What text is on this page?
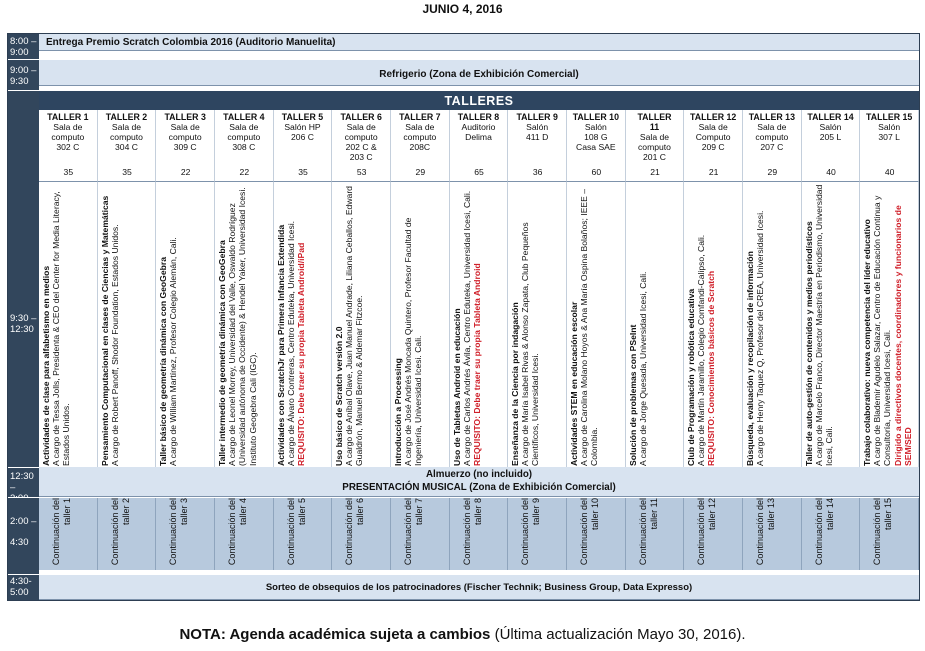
JUNIO 4, 2016
8:00 –
9:00
9:00 –
9:30
9:30 –
12:30
12:30 –

2:00 –
4:30
4:30-
5:00
Entrega Premio Scratch Colombia 2016 (Auditorio Manuelita)
Refrigerio (Zona de Exhibición Comercial)
TALLERES
TALLER 1
Sala de computo
302 C
35
Actividades de clase para alfabetismo en medios
A cargo de Tessa Jolls, Presidenta & CEO del Center for Media Literacy, Estados Unidos.
Continuación del taller 1
TALLER 2
Sala de computo
304 C
35
Pensamiento Computacional en clases de Ciencias y Matemáticas
A cargo de Robert Panoff, Shodor Foundation, Estados Unidos.
Continuación del taller 2
TALLER 3
Sala de computo
309 C
22
Taller básico de geometría dinámica con GeoGebra
A cargo de William Martínez, Profesor Colegio Alemán, Cali.
Continuación del taller 3
TALLER 4
Sala de computo
308 C
22
Taller intermedio de geometría dinámica con GeoGebra
A cargo de Leonel Morrey, Universidad del Valle, Oswaldo Rodríguez (Universidad autónoma de Occidente) & Hendel Yaker, Universidad Icesi. Instituto Geogebra Cali (IGC).
Continuación del taller 4
TALLER 5
Salón HP
206 C
35
Actividades con ScratchJr para Primera Infancia Extendida
A cargo de Álvaro Contreras, Centro Eduteka, Universidad Icesi.
REQUISITO: Debe traer su propia Tableta Android/iPad
Continuación del taller 5
TALLER 6
Sala de computo
202 C &
203 C
53
Uso básico de Scratch versión 2.0
A cargo de Aníbal Olave, Juan Manuel Andrade, Liliana Ceballos, Edward Gualdrón, Manuel Bermo & Aldemar Fitzcoe.
Continuación del taller 6
TALLER 7
Sala de computo
208C
29
Introducción a Processing
A cargo de José Andrés Moncada Quintero, Profesor Facultad de Ingeniería, Universidad Icesi. Cali.
Continuación del taller 7
TALLER 8
Auditorio
Delima
65
Uso de Tabletas Android en educación
A cargo de Carlos Andrés Ávila, Centro Eduteka, Universidad Icesi, Cali.
REQUISITO: Debe traer su propia Tableta Android
Continuación del taller 8
TALLER 9
Salón
411 D
36
Enseñanza de la Ciencia por indagación
A cargo de María Isabel Rivas & Alonso Zapata, Club Pequeños Científicos, Universidad Icesi.
Continuación del taller 9
TALLER 10
Salón
108 G
Casa SAE
60
Actividades STEM en educación escolar
A cargo de Carolina Molano Hoyos & Ana María Ospina Bolaños; IEEE – Colombia.
Continuación del taller 10
TALLER
11
Sala de
computo
201 C
21
Solución de problemas con PSeInt
A cargo de Jorge Quesada, Universidad Icesi, Cali.
Continuación del taller 11
TALLER 12
Sala de
Computo
209 C
21
Club de Programación y robótica educativa
A cargo de Martín Jaramillo, Colegio Comfandi-Calipso, Cali.
REQUISITO: Conocimientos básicos de Scratch
Continuación del taller 12
TALLER 13
Sala de
computo
207 C
29
Búsqueda, evaluación y recopilación de información
A cargo de Henry Taquez Q, Profesor del CREA, Universidad Icesi.
Continuación del taller 13
TALLER 14
Salón
205 L
40
Taller de auto-gestión de contenidos y medios periodísticos
A cargo de Marcelo Franco, Director Maestría en Periodismo, Universidad Icesi, Cali.
Continuación del taller 14
TALLER 15
Salón
307 L
40
Trabajo colaborativo: nueva competencia del líder educativo
A cargo de Blademir Agudelo Salazar, Centro de Educación Continua y Consultoría, Universidad Icesi, Cali.
Dirigido a directivos docentes, coordinadores y funcionarios de SEM/SED
Continuación del taller 15
Almuerzo (no incluido)
PRESENTACIÓN MUSICAL (Zona de Exhibición Comercial)
Sorteo de obsequios de los patrocinadores (Fischer Technik; Business Group, Data Expresso)
NOTA: Agenda académica sujeta a cambios (Última actualización Mayo 30, 2016).
